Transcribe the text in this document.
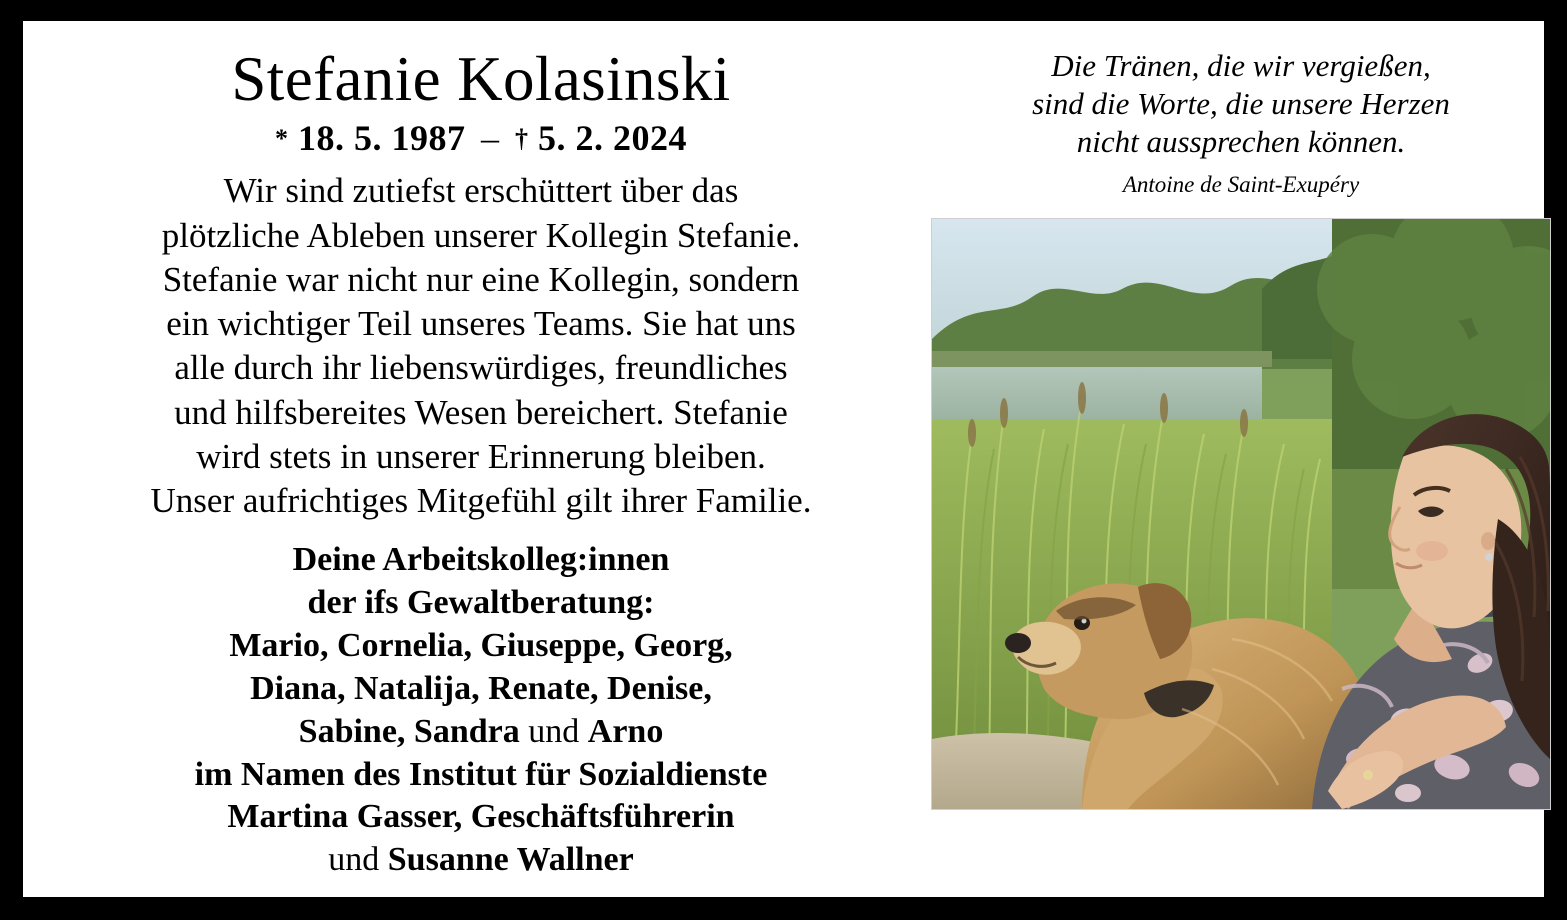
Stefanie Kolasinski
* 18. 5. 1987 – † 5. 2. 2024
Wir sind zutiefst erschüttert über das
plötzliche Ableben unserer Kollegin Stefanie.
Stefanie war nicht nur eine Kollegin, sondern
ein wichtiger Teil unseres Teams. Sie hat uns
alle durch ihr liebenswürdiges, freundliches
und hilfsbereites Wesen bereichert. Stefanie
wird stets in unserer Erinnerung bleiben.
Unser aufrichtiges Mitgefühl gilt ihrer Familie.
Deine Arbeitskolleg:innen
der ifs Gewaltberatung:
Mario, Cornelia, Giuseppe, Georg,
Diana, Natalija, Renate, Denise,
Sabine, Sandra und Arno
im Namen des Institut für Sozialdienste
Martina Gasser, Geschäftsführerin
und Susanne Wallner
Die Tränen, die wir vergießen,
sind die Worte, die unsere Herzen
nicht aussprechen können.
Antoine de Saint-Exupéry
